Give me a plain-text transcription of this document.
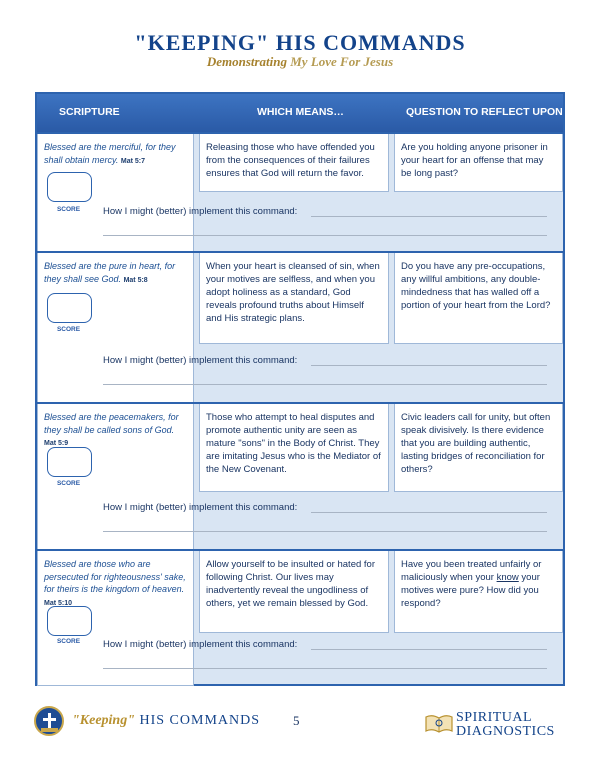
"KEEPING" HIS COMMANDS
Demonstrating My Love For Jesus
SCRIPTURE	WHICH MEANS…	QUESTION TO REFLECT UPON
Blessed are the merciful, for they shall obtain mercy. Mat 5:7
SCORE
Releasing those who have offended you from the consequences of their failures ensures that God will return the favor.
Are you holding anyone prisoner in your heart for an offense that may be long past?
How I might (better) implement this command:
Blessed are the pure in heart, for they shall see God. Mat 5:8
SCORE
When your heart is cleansed of sin, when your motives are selfless, and when you adopt holiness as a standard, God reveals profound truths about Himself and His strategic plans.
Do you have any pre-occupations, any willful ambitions, any double-mindedness that has walled off a portion of your heart from the Lord?
How I might (better) implement this command:
Blessed are the peacemakers, for they shall be called sons of God. Mat 5:9
SCORE
Those who attempt to heal disputes and promote authentic unity are seen as mature "sons" in the Body of Christ. They are imitating Jesus who is the Mediator of the New Covenant.
Civic leaders call for unity, but often speak divisively. Is there evidence that you are building authentic, lasting bridges of reconciliation for others?
How I might (better) implement this command:
Blessed are those who are persecuted for righteousness' sake, for theirs is the kingdom of heaven. Mat 5:10
SCORE
Allow yourself to be insulted or hated for following Christ. Our lives may inadvertently reveal the ungodliness of others, yet we remain blessed by God.
Have you been treated unfairly or maliciously when your know your motives were pure? How did you respond?
How I might (better) implement this command:
"Keeping" HIS COMMANDS	5	SPIRITUAL
DIAGNOSTICS
